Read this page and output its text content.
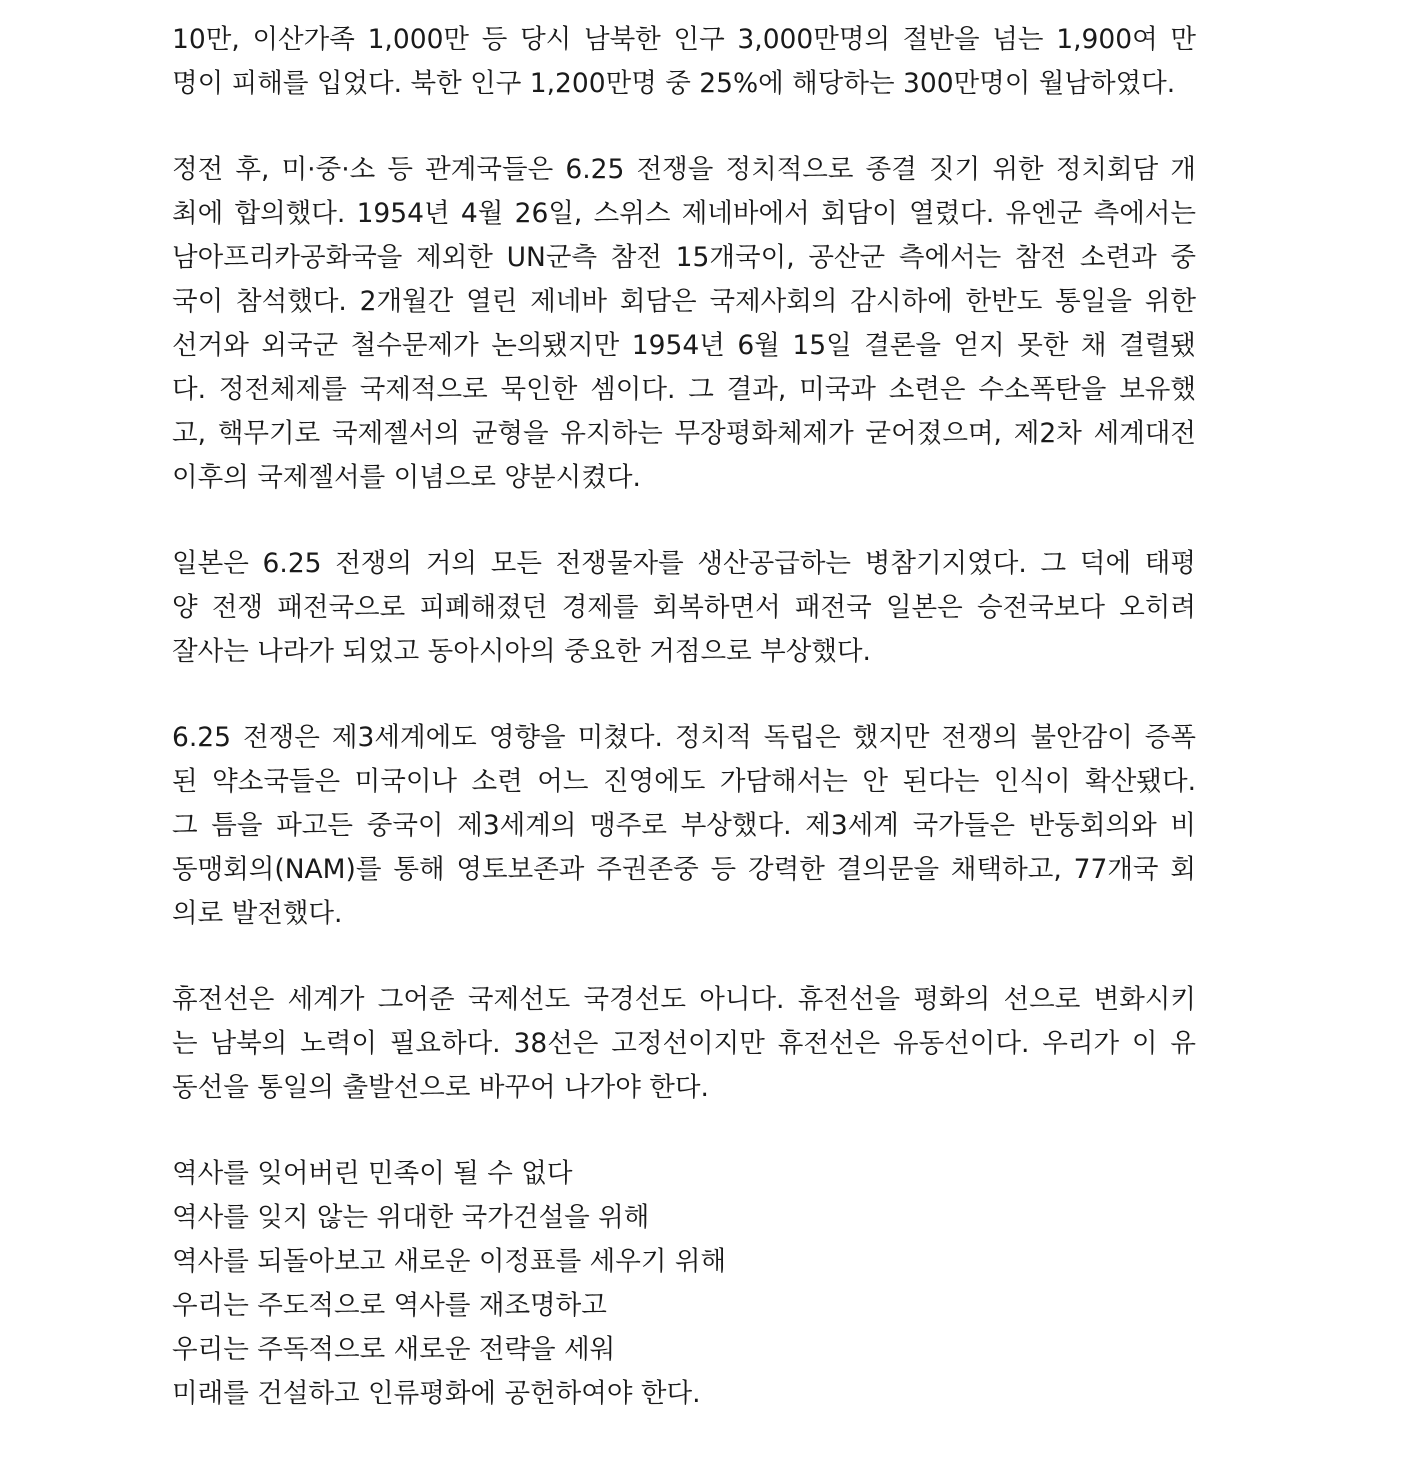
10만, 이산가족 1,000만 등 당시 남북한 인구 3,000만명의 절반을 넘는 1,900여 만
명이 피해를 입었다. 북한 인구 1,200만명 중 25%에 해당하는 300만명이 월남하였다.
정전 후, 미·중·소 등 관계국들은 6.25 전쟁을 정치적으로 종결 짓기 위한 정치회담 개
최에 합의했다. 1954년 4월 26일, 스위스 제네바에서 회담이 열렸다. 유엔군 측에서는
남아프리카공화국을 제외한 UN군측 참전 15개국이, 공산군 측에서는 참전 소련과 중
국이 참석했다. 2개월간 열린 제네바 회담은 국제사회의 감시하에 한반도 통일을 위한
선거와 외국군 철수문제가 논의됐지만 1954년 6월 15일 결론을 얻지 못한 채 결렬됐
다. 정전체제를 국제적으로 묵인한 셈이다. 그 결과, 미국과 소련은 수소폭탄을 보유했
고, 핵무기로 국제젤서의 균형을 유지하는 무장평화체제가 굳어졌으며, 제2차 세계대전
이후의 국제젤서를 이념으로 양분시켰다.
일본은 6.25 전쟁의 거의 모든 전쟁물자를 생산공급하는 병참기지였다. 그 덕에 태평
양 전쟁 패전국으로 피폐해졌던 경제를 회복하면서 패전국 일본은 승전국보다 오히려
잘사는 나라가 되었고 동아시아의 중요한 거점으로 부상했다.
6.25 전쟁은 제3세계에도 영향을 미쳤다. 정치적 독립은 했지만 전쟁의 불안감이 증폭
된 약소국들은 미국이나 소련 어느 진영에도 가담해서는 안 된다는 인식이 확산됐다.
그 틈을 파고든 중국이 제3세계의 맹주로 부상했다. 제3세계 국가들은 반둥회의와 비
동맹회의(NAM)를 통해 영토보존과 주권존중 등 강력한 결의문을 채택하고, 77개국 회
의로 발전했다.
휴전선은 세계가 그어준 국제선도 국경선도 아니다. 휴전선을 평화의 선으로 변화시키
는 남북의 노력이 필요하다. 38선은 고정선이지만 휴전선은 유동선이다. 우리가 이 유
동선을 통일의 출발선으로 바꾸어 나가야 한다.
역사를 잊어버린 민족이 될 수 없다
역사를 잊지 않는 위대한 국가건설을 위해
역사를 되돌아보고 새로운 이정표를 세우기 위해
우리는 주도적으로 역사를 재조명하고
우리는 주독적으로 새로운 전략을 세워
미래를 건설하고 인류평화에 공헌하여야 한다.
